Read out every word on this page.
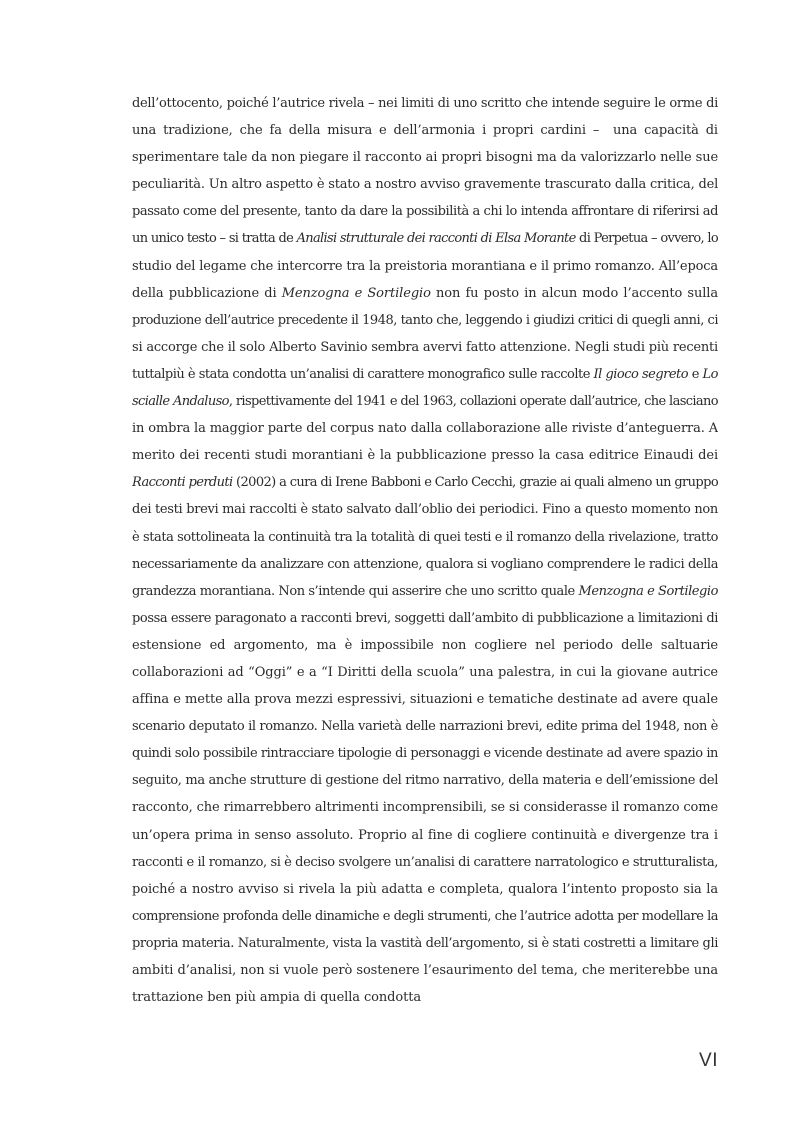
dell’ottocento, poiché l’autrice rivela – nei limiti di uno scritto che intende seguire le orme di
una tradizione, che fa della misura e dell’armonia i propri cardini –  una capacità di
sperimentare tale da non piegare il racconto ai propri bisogni ma da valorizzarlo nelle sue
peculiarità. Un altro aspetto è stato a nostro avviso gravemente trascurato dalla critica, del
passato come del presente, tanto da dare la possibilità a chi lo intenda affrontare di riferirsi ad
un unico testo – si tratta de Analisi strutturale dei racconti di Elsa Morante di Perpetua – ovvero, lo
studio del legame che intercorre tra la preistoria morantiana e il primo romanzo. All’epoca
della pubblicazione di Menzogna e Sortilegio non fu posto in alcun modo l’accento sulla
produzione dell’autrice precedente il 1948, tanto che, leggendo i giudizi critici di quegli anni, ci
si accorge che il solo Alberto Savinio sembra avervi fatto attenzione. Negli studi più recenti
tuttalpiù è stata condotta un’analisi di carattere monografico sulle raccolte Il gioco segreto e Lo
scialle Andaluso, rispettivamente del 1941 e del 1963, collazioni operate dall’autrice, che lasciano
in ombra la maggior parte del corpus nato dalla collaborazione alle riviste d’anteguerra. A
merito dei recenti studi morantiani è la pubblicazione presso la casa editrice Einaudi dei
Racconti perduti (2002) a cura di Irene Babboni e Carlo Cecchi, grazie ai quali almeno un gruppo
dei testi brevi mai raccolti è stato salvato dall’oblio dei periodici. Fino a questo momento non
è stata sottolineata la continuità tra la totalità di quei testi e il romanzo della rivelazione, tratto
necessariamente da analizzare con attenzione, qualora si vogliano comprendere le radici della
grandezza morantiana. Non s’intende qui asserire che uno scritto quale Menzogna e Sortilegio
possa essere paragonato a racconti brevi, soggetti dall’ambito di pubblicazione a limitazioni di
estensione ed argomento, ma è impossibile non cogliere nel periodo delle saltuarie
collaborazioni ad “Oggi” e a “I Diritti della scuola” una palestra, in cui la giovane autrice
affina e mette alla prova mezzi espressivi, situazioni e tematiche destinate ad avere quale
scenario deputato il romanzo. Nella varietà delle narrazioni brevi, edite prima del 1948, non è
quindi solo possibile rintracciare tipologie di personaggi e vicende destinate ad avere spazio in
seguito, ma anche strutture di gestione del ritmo narrativo, della materia e dell’emissione del
racconto, che rimarrebbero altrimenti incomprensibili, se si considerasse il romanzo come
un’opera prima in senso assoluto. Proprio al fine di cogliere continuità e divergenze tra i
racconti e il romanzo, si è deciso svolgere un’analisi di carattere narratologico e strutturalista,
poiché a nostro avviso si rivela la più adatta e completa, qualora l’intento proposto sia la
comprensione profonda delle dinamiche e degli strumenti, che l’autrice adotta per modellare la
propria materia. Naturalmente, vista la vastità dell’argomento, si è stati costretti a limitare gli
ambiti d’analisi, non si vuole però sostenere l’esaurimento del tema, che meriterebbe una
trattazione ben più ampia di quella condotta
VI
